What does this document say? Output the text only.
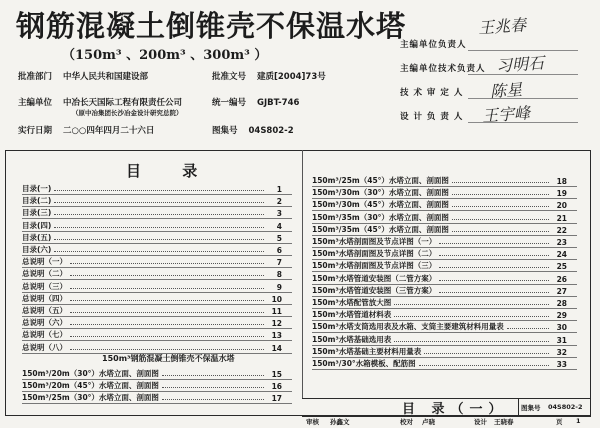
钢筋混凝土倒锥壳不保温水塔
（150m³ 、200m³ 、300m³ ）
批准部门 中华人民共和国建设部	批准文号 建质[2004]73号
主编单位 中冶长天国际工程有限责任公司
（原中冶集团长沙冶金设计研究总院）
统一编号 GJBT-746
实行日期 二○○四年四月二十六日	图集号 04S802-2
主编单位负责人
王兆春
主编单位技术负责人 习明石
技 术 审 定 人 陈星
设 计 负 责 人 王宇峰
目 录
目录(一)	1
目录(二)	2
目录(三)	3
目录(四)	4
目录(五)	5
目录(六)	6
总说明（一）	7
总说明（二）	8
总说明（三）	9
总说明（四）	10
总说明（五）	11
总说明（六）	12
总说明（七）	13
总说明（八）	14
150m³钢筋混凝土倒锥壳不保温水塔
150m³/20m（30°）水塔立面、剖面图	15
150m³/20m（45°）水塔立面、剖面图	16
150m³/25m（30°）水塔立面、剖面图	17
150m³/25m（45°）水塔立面、剖面图	18
150m³/30m（30°）水塔立面、剖面图	19
150m³/30m（45°）水塔立面、剖面图	20
150m³/35m（30°）水塔立面、剖面图	21
150m³/35m（45°）水塔立面、剖面图	22
150m³水塔剖面图及节点详图（一）	23
150m³水塔剖面图及节点详图（二）	24
150m³水塔剖面图及节点详图（三）	25
150m³水塔管道安装图（二管方案）	26
150m³水塔管道安装图（三管方案）	27
150m³水塔配管放大图	28
150m³水塔管道材料表	29
150m³水塔支筒选用表及水箱、支筒主要建筑材料用量表	30
150m³水塔基础选用表	31
150m³水塔基础主要材料用量表	32
150m³/30°水箱模板、配筋图	33
目 录（一） 图集号 04S802-2
审核 孙鑫文	校对 卢晓	设计 王晓春	页 1
